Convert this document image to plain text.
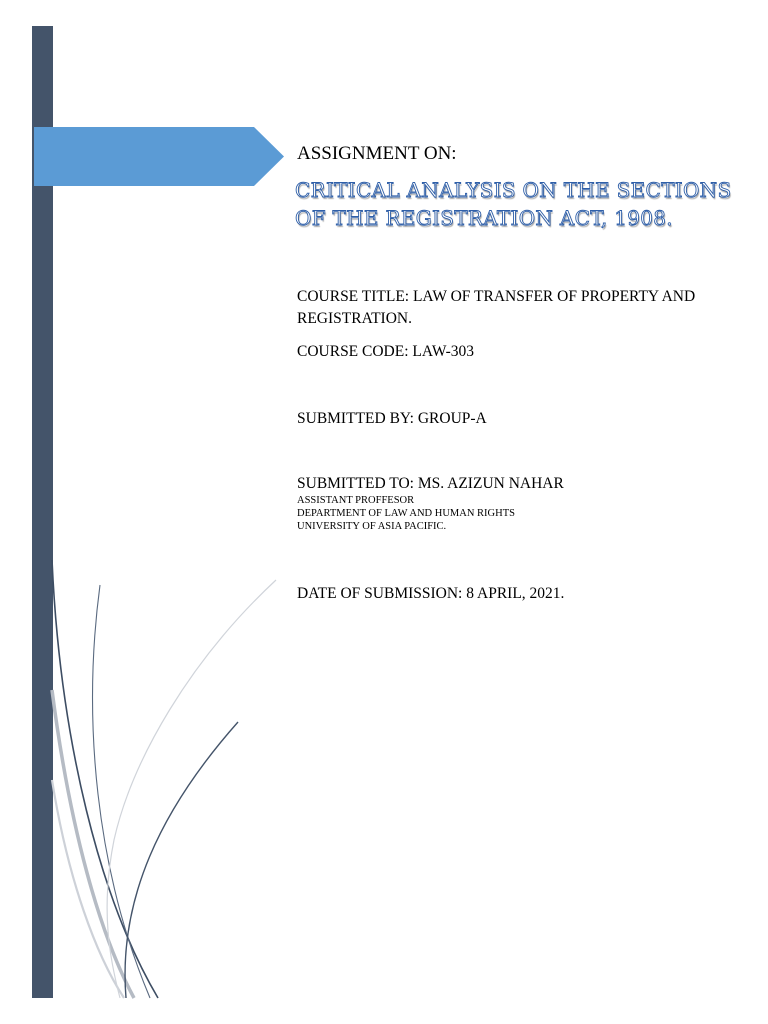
ASSIGNMENT ON:
CRITICAL ANALYSIS ON THE SECTIONS
OF THE REGISTRATION ACT, 1908.
COURSE TITLE: LAW OF TRANSFER OF PROPERTY AND REGISTRATION.
COURSE CODE: LAW-303
SUBMITTED BY: GROUP-A
SUBMITTED TO: MS. AZIZUN NAHAR
ASSISTANT PROFFESOR
DEPARTMENT OF LAW AND HUMAN RIGHTS
UNIVERSITY OF ASIA PACIFIC.
DATE OF SUBMISSION: 8 APRIL, 2021.
